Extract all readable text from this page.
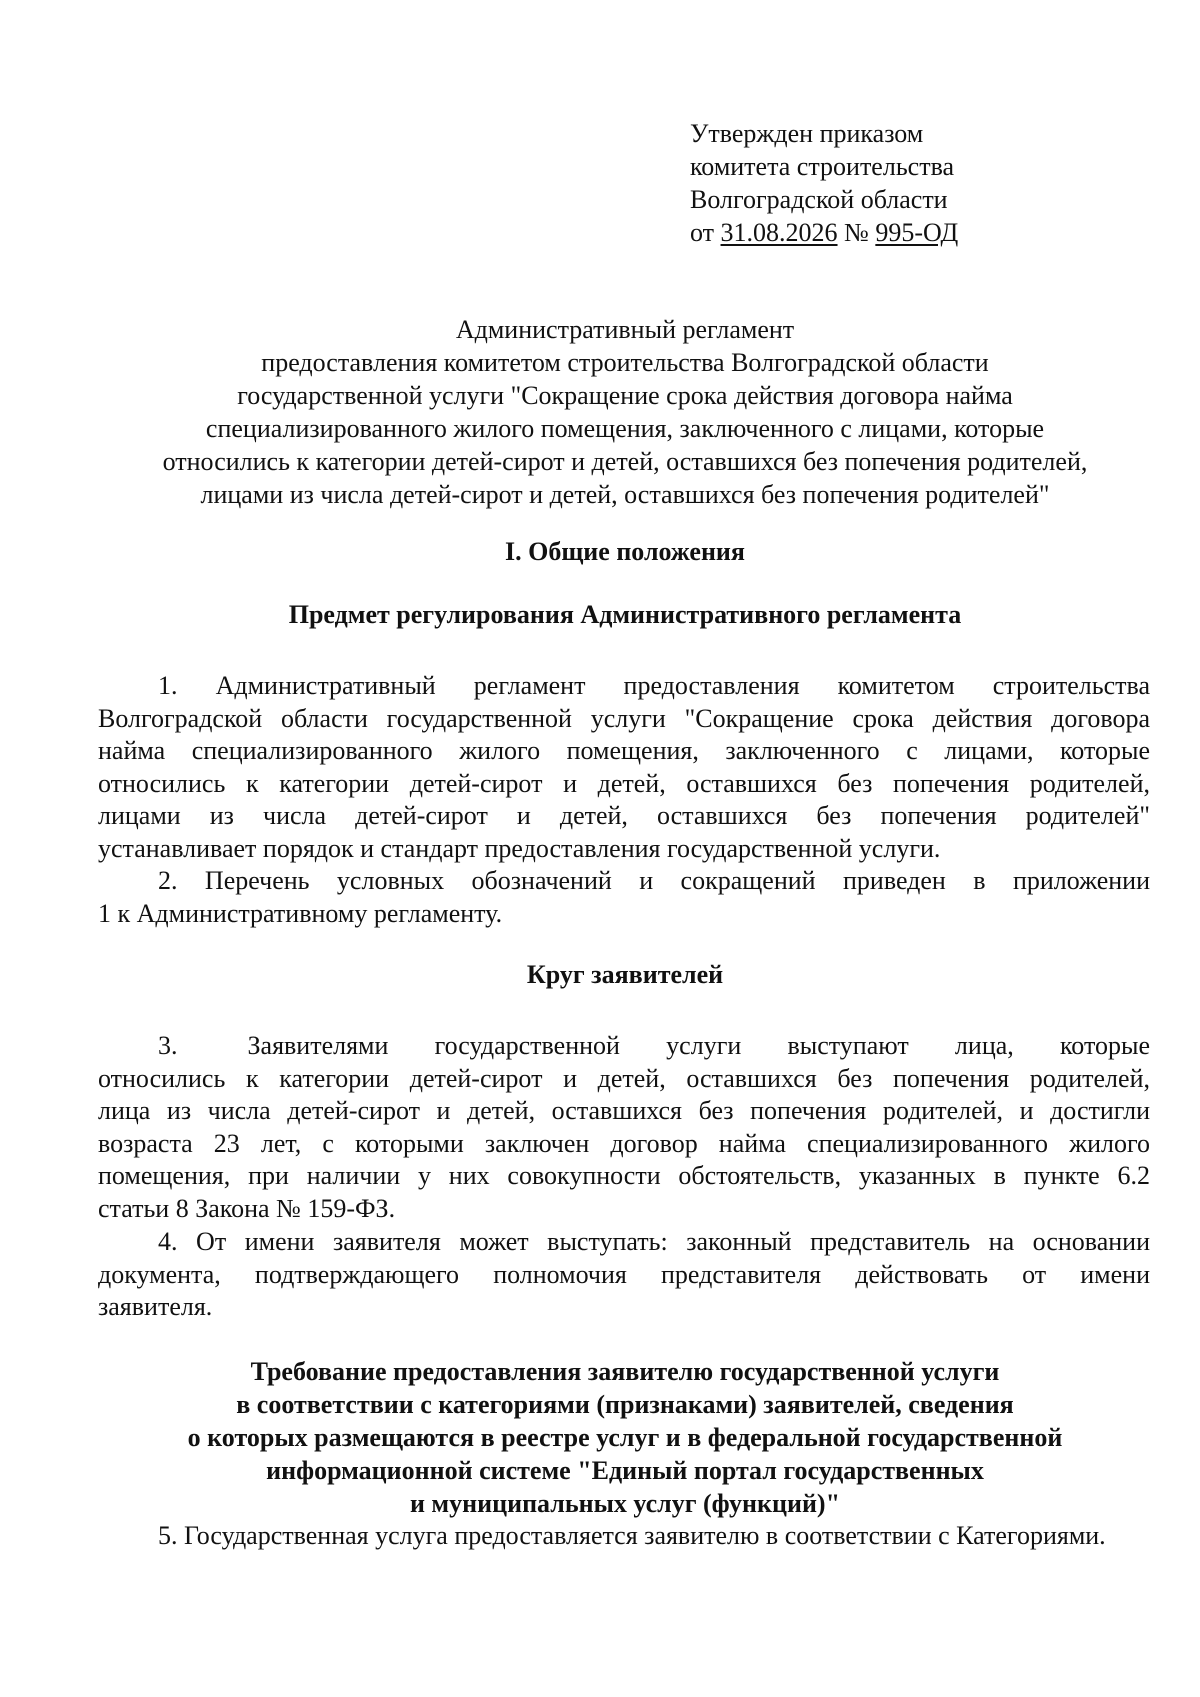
Утвержден приказом
комитета строительства
Волгоградской области
от 31.08.2026 № 995-ОД
Административный регламент
предоставления комитетом строительства Волгоградской области
государственной услуги "Сокращение срока действия договора найма
специализированного жилого помещения, заключенного с лицами, которые
относились к категории детей-сирот и детей, оставшихся без попечения родителей,
лицами из числа детей-сирот и детей, оставшихся без попечения родителей"
I. Общие положения
Предмет регулирования Административного регламента
1. Административный регламент предоставления комитетом строительства
Волгоградской области государственной услуги "Сокращение срока действия договора
найма специализированного жилого помещения, заключенного с лицами, которые
относились к категории детей-сирот и детей, оставшихся без попечения родителей,
лицами из числа детей-сирот и детей, оставшихся без попечения родителей"
устанавливает порядок и стандарт предоставления государственной услуги.
2. Перечень условных обозначений и сокращений приведен в приложении
1 к Административному регламенту.
Круг заявителей
3.	Заявителями государственной услуги выступают лица, которые
относились к категории детей-сирот и детей, оставшихся без попечения родителей,
лица из числа детей-сирот и детей, оставшихся без попечения родителей, и достигли
возраста 23 лет, с которыми заключен договор найма специализированного жилого
помещения, при наличии у них совокупности обстоятельств, указанных в пункте 6.2
статьи 8 Закона № 159-ФЗ.
4. От имени заявителя может выступать: законный представитель на основании
документа, подтверждающего полномочия представителя действовать от имени
заявителя.
Требование предоставления заявителю государственной услуги
в соответствии с категориями (признаками) заявителей, сведения
о которых размещаются в реестре услуг и в федеральной государственной
информационной системе "Единый портал государственных
и муниципальных услуг (функций)"
5. Государственная услуга предоставляется заявителю в соответствии с Категориями.
